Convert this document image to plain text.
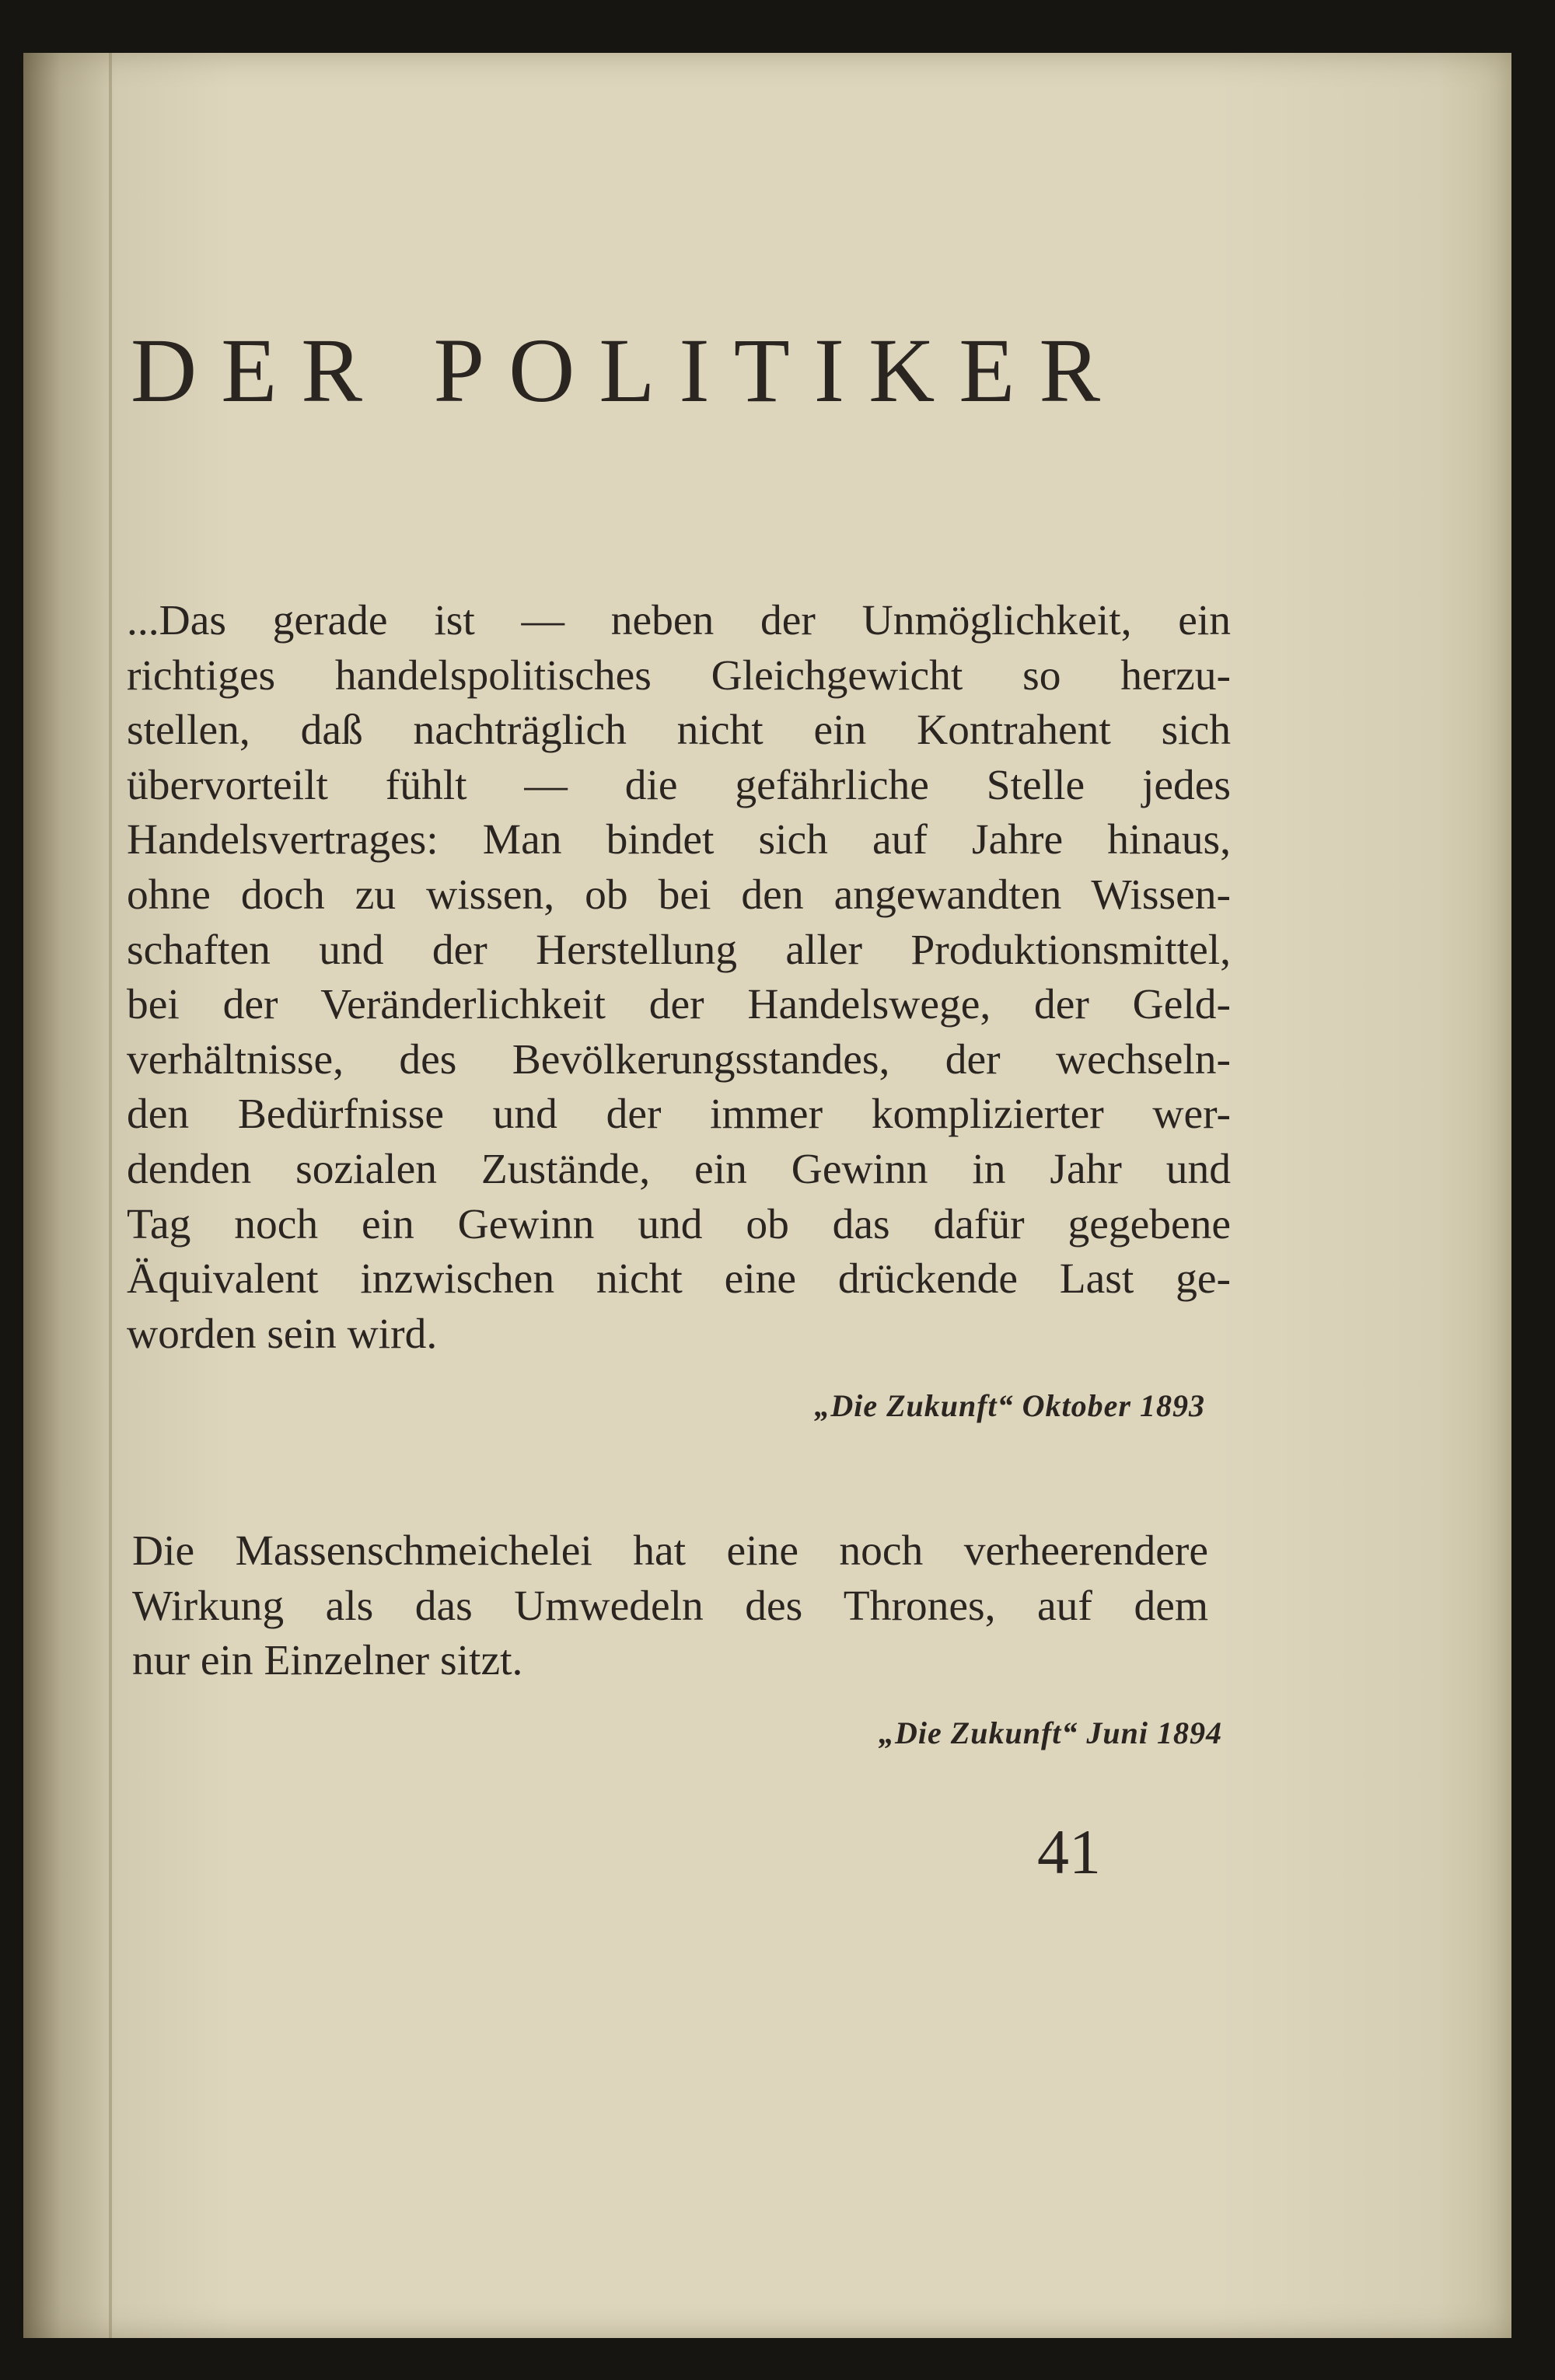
DER POLITIKER

...Das gerade ist — neben der Unmöglichkeit, ein
richtiges handelspolitisches Gleichgewicht so herzu-
stellen, daß nachträglich nicht ein Kontrahent sich
übervorteilt fühlt — die gefährliche Stelle jedes
Handelsvertrages: Man bindet sich auf Jahre hinaus,
ohne doch zu wissen, ob bei den angewandten Wissen-
schaften und der Herstellung aller Produktionsmittel,
bei der Veränderlichkeit der Handelswege, der Geld-
verhältnisse, des Bevölkerungsstandes, der wechseln-
den Bedürfnisse und der immer komplizierter wer-
denden sozialen Zustände, ein Gewinn in Jahr und
Tag noch ein Gewinn und ob das dafür gegebene
Äquivalent inzwischen nicht eine drückende Last ge-
worden sein wird.

„Die Zukunft“ Oktober 1893

Die Massenschmeichelei hat eine noch verheerendere
Wirkung als das Umwedeln des Thrones, auf dem
nur ein Einzelner sitzt.

„Die Zukunft“ Juni 1894
41
